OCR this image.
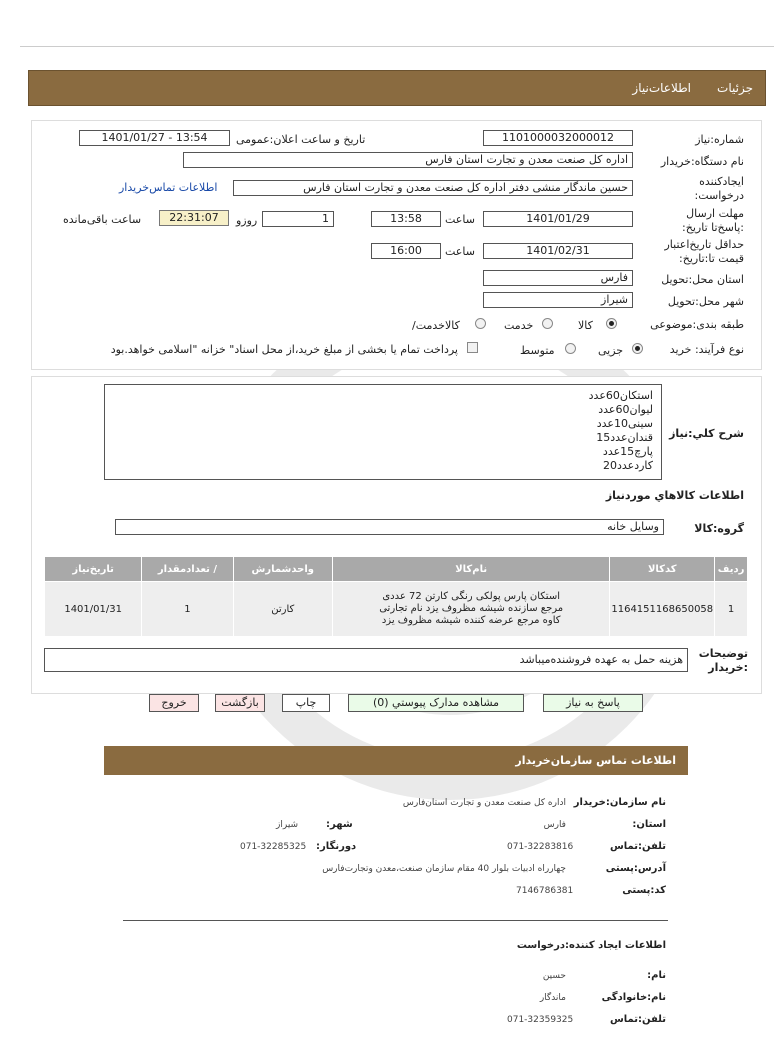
جزئیات
اطلاعات‌نیاز
شماره:نیاز
1101000032000012
تاریخ و ساعت اعلان:عمومی
1401/01/27 - 13:54
نام دستگاه:خریدار
اداره کل صنعت معدن و تجارت استان فارس
ایجادکننده درخواست:
حسین ماندگار منشی دفتر اداره کل صنعت معدن و تجارت استان فارس
اطلاعات تماس‌خریدار
مهلت ارسال :پاسخ‌تا تاریخ:
1401/01/29
ساعت
13:58
1
روزو
22:31:07
ساعت باقی‌مانده
حداقل تاریخ‌اعتبار قیمت تا:تاریخ:
1401/02/31
ساعت
16:00
استان محل:تحویل
فارس
شهر محل:تحویل
شیراز
طبقه بندی:موضوعی
کالا
خدمت
/کالاخدمت
نوع فرآیند: خرید
جزیی
متوسط
پرداخت تمام یا بخشی از مبلغ خرید،از محل اسناد" خزانه "اسلامی خواهد.بود
شرح کلي:نياز
استکان60عدد
لیوان60عدد
سینی10عدد
قندان‌عدد15
پارچ15عدد
کاردعدد20
اطلاعات کالاهاي موردنياز
گروه:کالا
وسایل خانه
ردیف	کدکالا	نام‌کالا	واحدشمارش	/ تعدادمقدار	تاریخ‌نیاز
1	1164151168650058	استکان پارس پولکی رنگی کارتن 72 عددی مرجع سازنده شیشه مظروف یزد نام تجارتی کاوه مرجع عرضه کننده شیشه مظروف یزد	کارتن	1	1401/01/31
توضیحات :خریدار
هزینه حمل به عهده فروشنده‌میباشد
پاسخ به نیاز
مشاهده مدارک پیوستي (0)
چاپ
بازگشت
خروج
اطلاعات تماس سازمان‌خریدار
نام سازمان:خریدار
اداره کل صنعت معدن و تجارت استان‌فارس
:استان
فارس
:شهر
شیراز
تلفن:تماس
071-32283816
:دورنگار
071-32285325
آدرس:پستی
چهارراه ادبیات بلوار 40 مقام سازمان صنعت،معدن وتجارت‌فارس
کد:پستی
7146786381
اطلاعات ایجاد کننده:درخواست
:نام
حسین
نام:خانوادگی
ماندگار
تلفن:تماس
071-32359325
